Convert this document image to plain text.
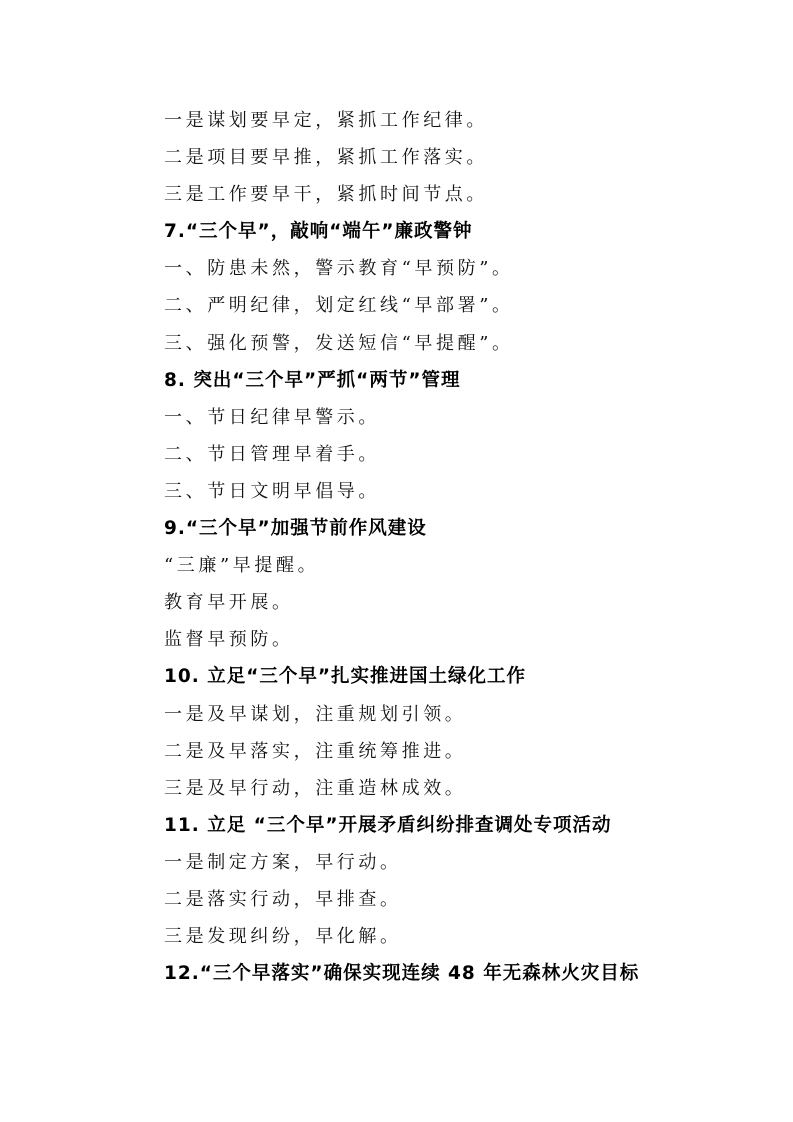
一是谋划要早定，紧抓工作纪律。
二是项目要早推，紧抓工作落实。
三是工作要早干，紧抓时间节点。
7.“三个早”，敲响“端午”廉政警钟
一、防患未然，警示教育“早预防”。
二、严明纪律，划定红线“早部署”。
三、强化预警，发送短信“早提醒”。
8. 突出“三个早”严抓“两节”管理
一、节日纪律早警示。
二、节日管理早着手。
三、节日文明早倡导。
9.“三个早”加强节前作风建设
“三廉”早提醒。
教育早开展。
监督早预防。
10. 立足“三个早”扎实推进国土绿化工作
一是及早谋划，注重规划引领。
二是及早落实，注重统筹推进。
三是及早行动，注重造林成效。
11. 立足 “三个早”开展矛盾纠纷排查调处专项活动
一是制定方案，早行动。
二是落实行动，早排查。
三是发现纠纷，早化解。
12.“三个早落实”确保实现连续 48 年无森林火灾目标
